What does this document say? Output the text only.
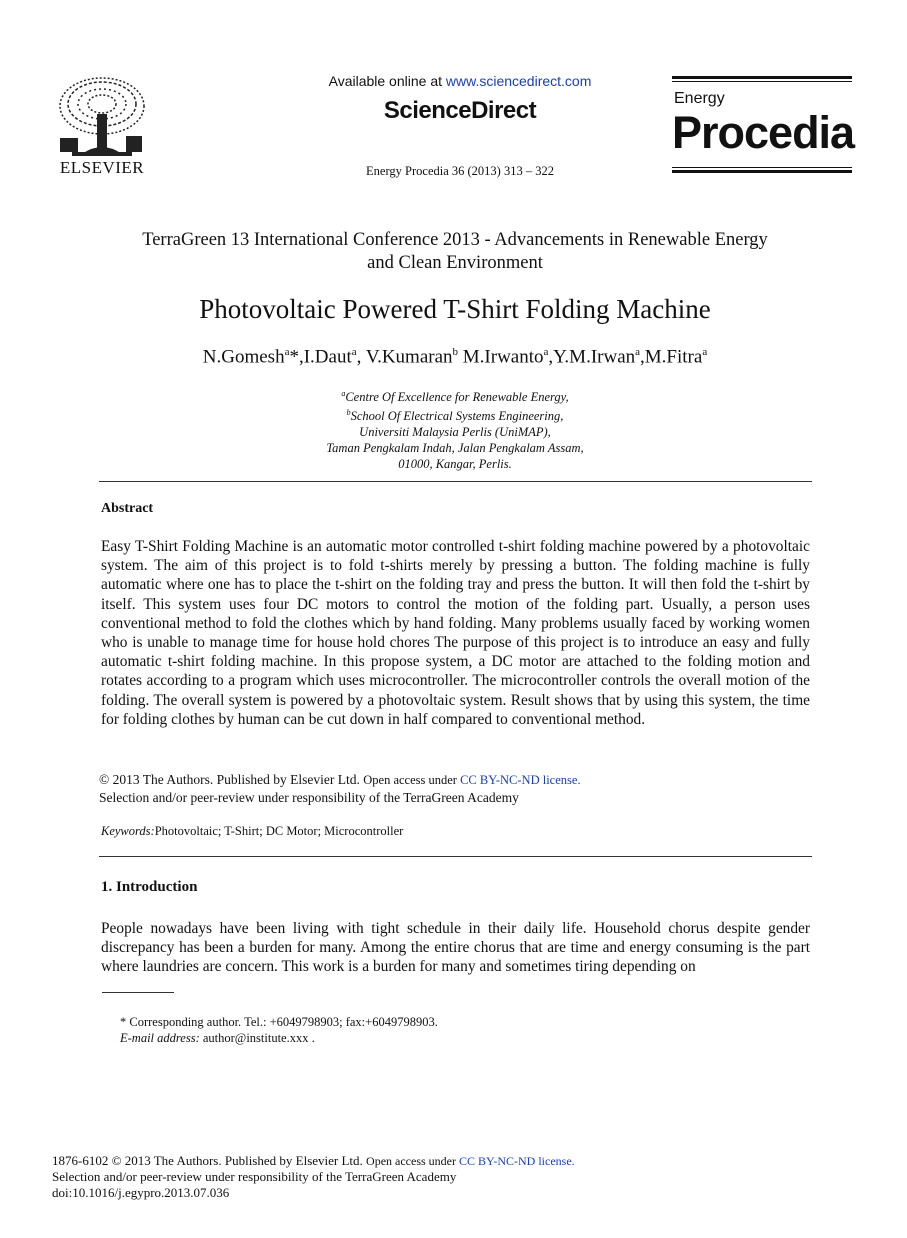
ELSEVIER
Available online at www.sciencedirect.com
ScienceDirect
Energy Procedia 36 (2013) 313 – 322
Energy
Procedia
TerraGreen 13 International Conference 2013 - Advancements in Renewable Energy
and Clean Environment
Photovoltaic Powered T-Shirt Folding Machine
N.Gomesh$^a$*,I.Daut$^a$, V.Kumaran$^b$ M.Irwanto$^a$,Y.M.Irwan$^a$,M.Fitra$^a$
$^a$Centre Of Excellence for Renewable Energy,
$^b$School Of Electrical Systems Engineering,
Universiti Malaysia Perlis (UniMAP),
Taman Pengkalam Indah, Jalan Pengkalam Assam,
01000, Kangar, Perlis.
Abstract
Easy T-Shirt Folding Machine is an automatic motor controlled t-shirt folding machine powered by a photovoltaic system. The aim of this project is to fold t-shirts merely by pressing a button. The folding machine is fully automatic where one has to place the t-shirt on the folding tray and press the button. It will then fold the t-shirt by itself. This system uses four DC motors to control the motion of the folding part. Usually, a person uses conventional method to fold the clothes which by hand folding. Many problems usually faced by working women who is unable to manage time for house hold chores The purpose of this project is to introduce an easy and fully automatic t-shirt folding machine. In this propose system, a DC motor are attached to the folding motion and rotates according to a program which uses microcontroller. The microcontroller controls the overall motion of the folding. The overall system is powered by a photovoltaic system. Result shows that by using this system, the time for folding clothes by human can be cut down in half compared to conventional method.
© 2013 The Authors. Published by Elsevier Ltd. Open access under CC BY-NC-ND license.
Selection and/or peer-review under responsibility of the TerraGreen Academy
Keywords:Photovoltaic; T-Shirt; DC Motor; Microcontroller
1. Introduction
People nowadays have been living with tight schedule in their daily life. Household chorus despite gender discrepancy has been a burden for many. Among the entire chorus that are time and energy consuming is the part where laundries are concern. This work is a burden for many and sometimes tiring depending on
* Corresponding author. Tel.: +6049798903; fax:+6049798903.
E-mail address: author@institute.xxx .
1876-6102 © 2013 The Authors. Published by Elsevier Ltd. Open access under CC BY-NC-ND license.
Selection and/or peer-review under responsibility of the TerraGreen Academy
doi:10.1016/j.egypro.2013.07.036
